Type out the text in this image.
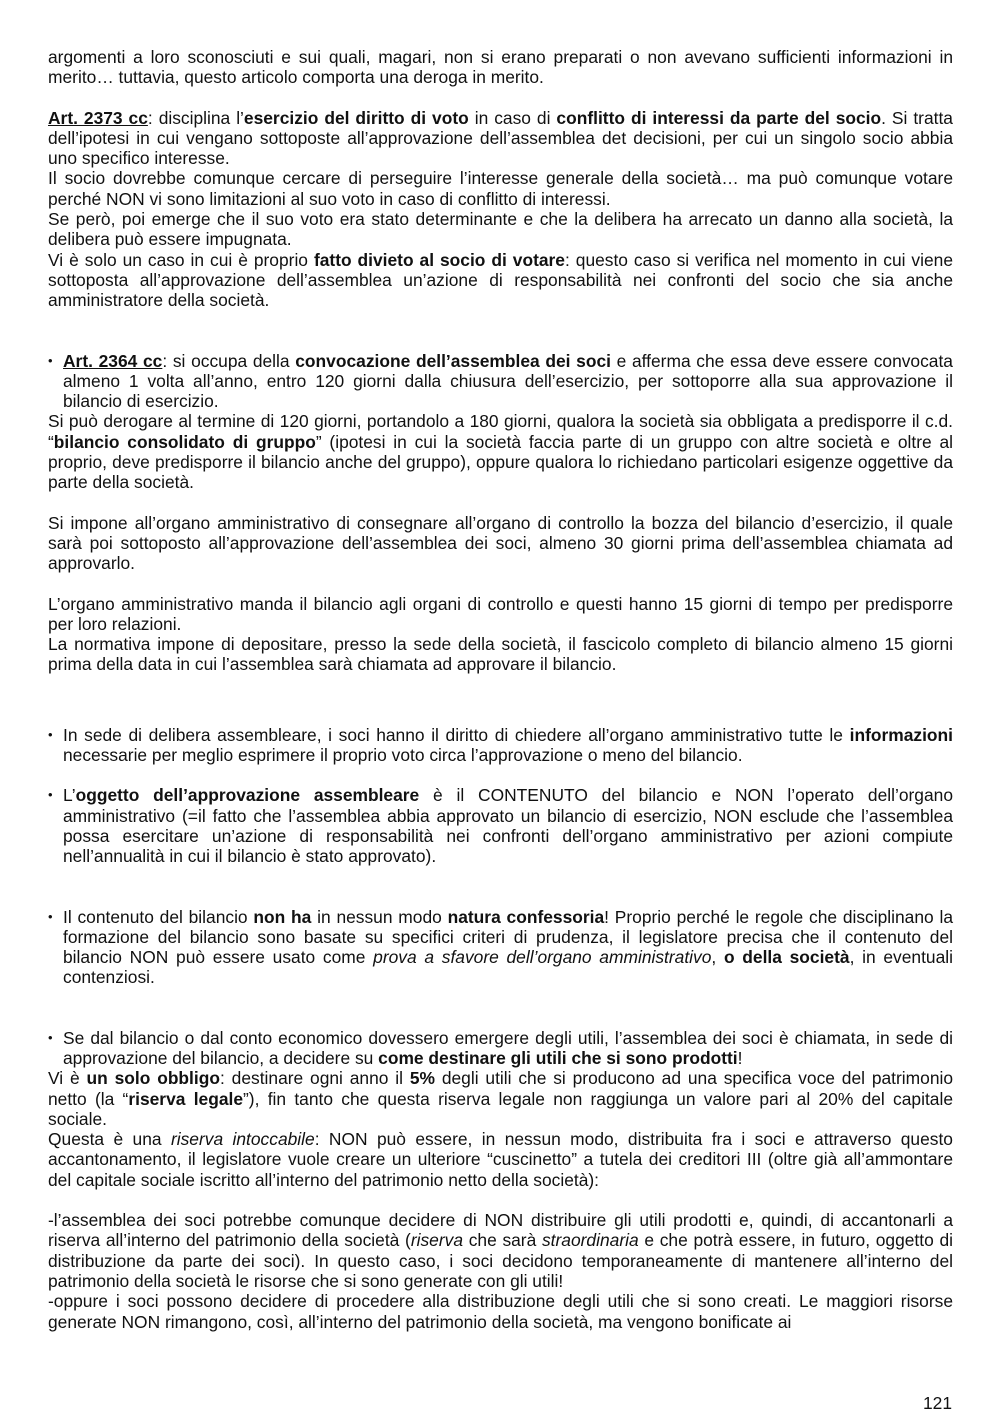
argomenti a loro sconosciuti e sui quali, magari, non si erano preparati o non avevano sufficienti informazioni in merito… tuttavia, questo articolo comporta una deroga in merito.

Art. 2373 cc: disciplina l’esercizio del diritto di voto in caso di conflitto di interessi da parte del socio. Si tratta dell’ipotesi in cui vengano sottoposte all’approvazione dell’assemblea det decisioni, per cui un singolo socio abbia uno specifico interesse.

Il socio dovrebbe comunque cercare di perseguire l’interesse generale della società… ma può comunque votare perché NON vi sono limitazioni al suo voto in caso di conflitto di interessi.

Se però, poi emerge che il suo voto era stato determinante e che la delibera ha arrecato un danno alla società, la delibera può essere impugnata.

Vi è solo un caso in cui è proprio fatto divieto al socio di votare: questo caso si verifica nel momento in cui viene sottoposta all’approvazione dell’assemblea un’azione di responsabilità nei confronti del socio che sia anche amministratore della società.

• Art. 2364 cc: si occupa della convocazione dell’assemblea dei soci e afferma che essa deve essere convocata almeno 1 volta all’anno, entro 120 giorni dalla chiusura dell’esercizio, per sottoporre alla sua approvazione il bilancio di esercizio.

Si può derogare al termine di 120 giorni, portandolo a 180 giorni, qualora la società sia obbligata a predisporre il c.d. “bilancio consolidato di gruppo” (ipotesi in cui la società faccia parte di un gruppo con altre società e oltre al proprio, deve predisporre il bilancio anche del gruppo), oppure qualora lo richiedano particolari esigenze oggettive da parte della società.

Si impone all’organo amministrativo di consegnare all’organo di controllo la bozza del bilancio d’esercizio, il quale sarà poi sottoposto all’approvazione dell’assemblea dei soci, almeno 30 giorni prima dell’assemblea chiamata ad approvarlo.

L’organo amministrativo manda il bilancio agli organi di controllo e questi hanno 15 giorni di tempo per predisporre per loro relazioni.

La normativa impone di depositare, presso la sede della società, il fascicolo completo di bilancio almeno 15 giorni prima della data in cui l’assemblea sarà chiamata ad approvare il bilancio.

• In sede di delibera assembleare, i soci hanno il diritto di chiedere all’organo amministrativo tutte le informazioni necessarie per meglio esprimere il proprio voto circa l’approvazione o meno del bilancio.

• L’oggetto dell’approvazione assembleare è il CONTENUTO del bilancio e NON l’operato dell’organo amministrativo (=il fatto che l’assemblea abbia approvato un bilancio di esercizio, NON esclude che l’assemblea possa esercitare un’azione di responsabilità nei confronti dell’organo amministrativo per azioni compiute nell’annualità in cui il bilancio è stato approvato).

• Il contenuto del bilancio non ha in nessun modo natura confessoria! Proprio perché le regole che disciplinano la formazione del bilancio sono basate su specifici criteri di prudenza, il legislatore precisa che il contenuto del bilancio NON può essere usato come prova a sfavore dell’organo amministrativo, o della società, in eventuali contenziosi.

• Se dal bilancio o dal conto economico dovessero emergere degli utili, l’assemblea dei soci è chiamata, in sede di approvazione del bilancio, a decidere su come destinare gli utili che si sono prodotti!

Vi è un solo obbligo: destinare ogni anno il 5% degli utili che si producono ad una specifica voce del patrimonio netto (la “riserva legale”), fin tanto che questa riserva legale non raggiunga un valore pari al 20% del capitale sociale.

Questa è una riserva intoccabile: NON può essere, in nessun modo, distribuita fra i soci e attraverso questo accantonamento, il legislatore vuole creare un ulteriore “cuscinetto” a tutela dei creditori III (oltre già all’ammontare del capitale sociale iscritto all’interno del patrimonio netto della società):

-l’assemblea dei soci potrebbe comunque decidere di NON distribuire gli utili prodotti e, quindi, di accantonarli a riserva all’interno del patrimonio della società (riserva che sarà straordinaria e che potrà essere, in futuro, oggetto di distribuzione da parte dei soci). In questo caso, i soci decidono temporaneamente di mantenere all’interno del patrimonio della società le risorse che si sono generate con gli utili!

-oppure i soci possono decidere di procedere alla distribuzione degli utili che si sono creati. Le maggiori risorse generate NON rimangono, così, all’interno del patrimonio della società, ma vengono bonificate ai

121
